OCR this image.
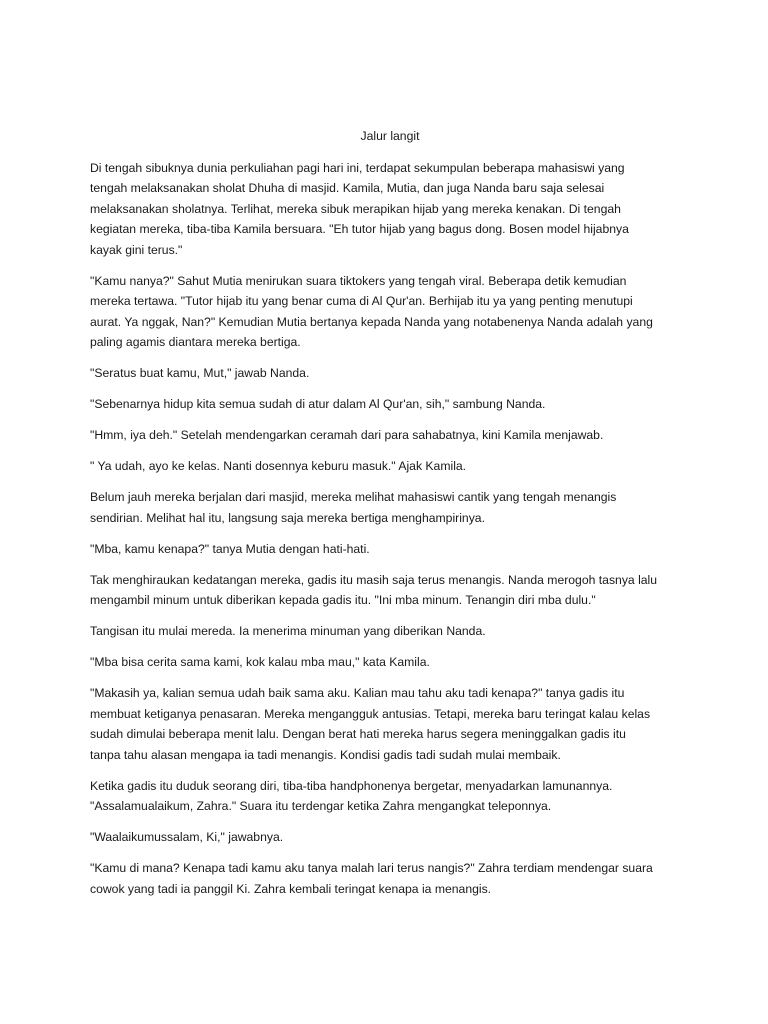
Jalur langit

Di tengah sibuknya dunia perkuliahan pagi hari ini, terdapat sekumpulan beberapa mahasiswi yang
tengah melaksanakan sholat Dhuha di masjid. Kamila, Mutia, dan juga Nanda baru saja selesai
melaksanakan sholatnya. Terlihat, mereka sibuk merapikan hijab yang mereka kenakan. Di tengah
kegiatan mereka, tiba-tiba Kamila bersuara. "Eh tutor hijab yang bagus dong. Bosen model hijabnya
kayak gini terus."

"Kamu nanya?" Sahut Mutia menirukan suara tiktokers yang tengah viral. Beberapa detik kemudian
mereka tertawa. "Tutor hijab itu yang benar cuma di Al Qur'an. Berhijab itu ya yang penting menutupi
aurat. Ya nggak, Nan?" Kemudian Mutia bertanya kepada Nanda yang notabenenya Nanda adalah yang
paling agamis diantara mereka bertiga.

"Seratus buat kamu, Mut," jawab Nanda.

"Sebenarnya hidup kita semua sudah di atur dalam Al Qur'an, sih," sambung Nanda.

"Hmm, iya deh." Setelah mendengarkan ceramah dari para sahabatnya, kini Kamila menjawab.

" Ya udah, ayo ke kelas. Nanti dosennya keburu masuk." Ajak Kamila.

Belum jauh mereka berjalan dari masjid, mereka melihat mahasiswi cantik yang tengah menangis
sendirian. Melihat hal itu, langsung saja mereka bertiga menghampirinya.

"Mba, kamu kenapa?" tanya Mutia dengan hati-hati.

Tak menghiraukan kedatangan mereka, gadis itu masih saja terus menangis. Nanda merogoh tasnya lalu
mengambil minum untuk diberikan kepada gadis itu. "Ini mba minum. Tenangin diri mba dulu."

Tangisan itu mulai mereda. Ia menerima minuman yang diberikan Nanda.

"Mba bisa cerita sama kami, kok kalau mba mau," kata Kamila.

"Makasih ya, kalian semua udah baik sama aku. Kalian mau tahu aku tadi kenapa?" tanya gadis itu
membuat ketiganya penasaran. Mereka mengangguk antusias. Tetapi, mereka baru teringat kalau kelas
sudah dimulai beberapa menit lalu. Dengan berat hati mereka harus segera meninggalkan gadis itu
tanpa tahu alasan mengapa ia tadi menangis. Kondisi gadis tadi sudah mulai membaik.

Ketika gadis itu duduk seorang diri, tiba-tiba handphonenya bergetar, menyadarkan lamunannya.
"Assalamualaikum, Zahra." Suara itu terdengar ketika Zahra mengangkat teleponnya.

"Waalaikumussalam, Ki," jawabnya.

"Kamu di mana? Kenapa tadi kamu aku tanya malah lari terus nangis?" Zahra terdiam mendengar suara
cowok yang tadi ia panggil Ki. Zahra kembali teringat kenapa ia menangis.
